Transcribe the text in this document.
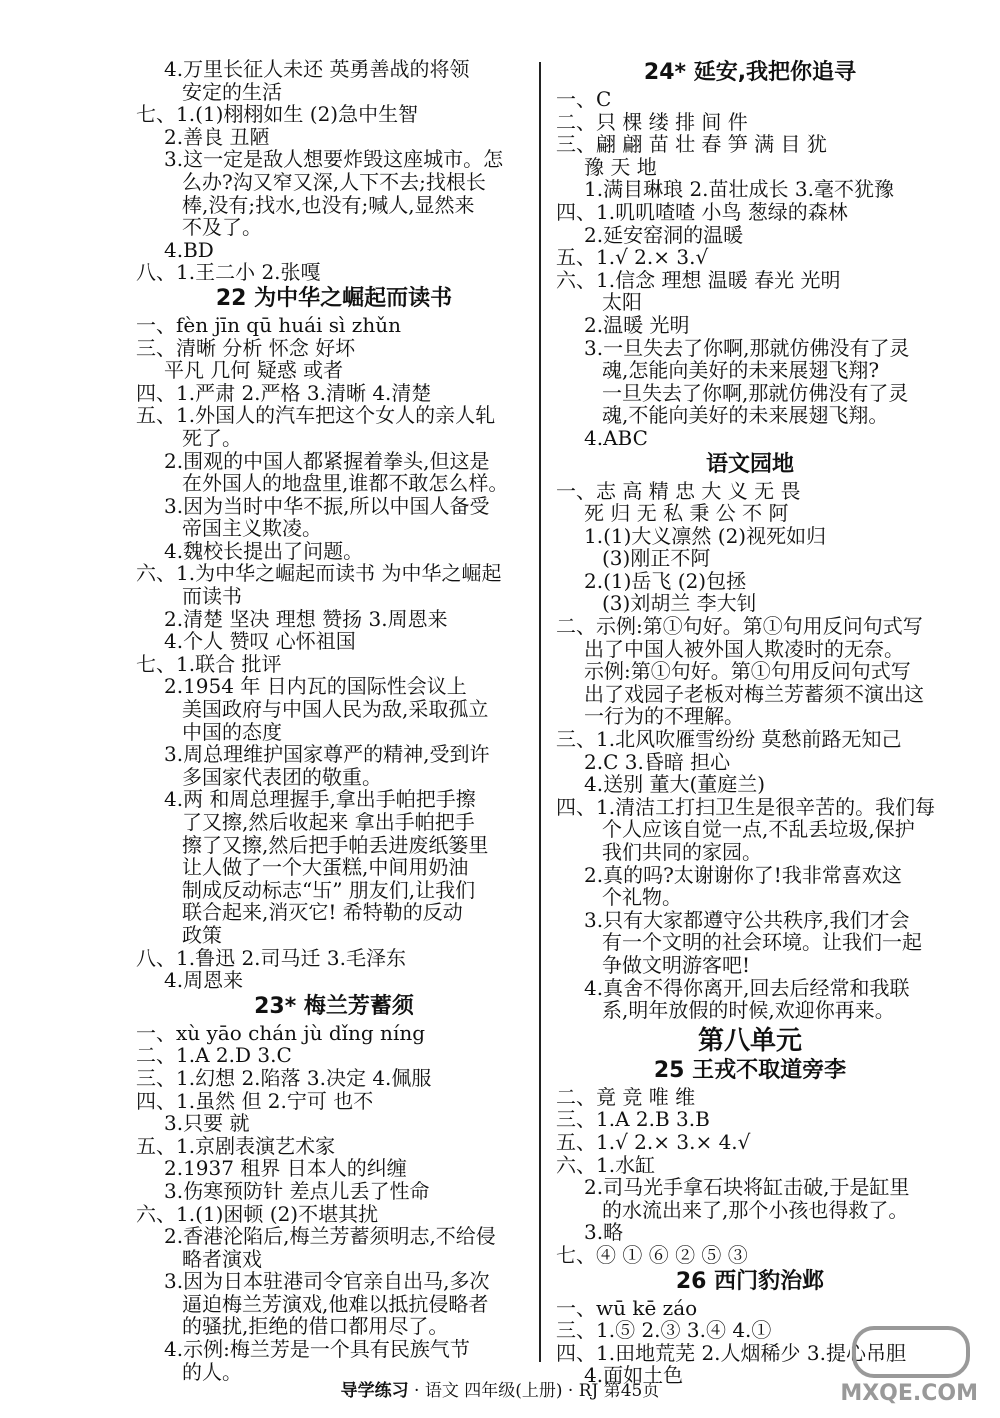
4.万里长征人未还 英勇善战的将领
安定的生活
七、1.(1)栩栩如生 (2)急中生智
2.善良 丑陋
3.这一定是敌人想要炸毁这座城市。怎
么办?沟又窄又深,人下不去;找根长
棒,没有;找水,也没有;喊人,显然来
不及了。
4.BD
八、1.王二小 2.张嘎
22 为中华之崛起而读书
一、fèn jīn qū huái sì zhǔn
三、清晰 分析 怀念 好坏
平凡 几何 疑惑 或者
四、1.严肃 2.严格 3.清晰 4.清楚
五、1.外国人的汽车把这个女人的亲人轧
死了。
2.围观的中国人都紧握着拳头,但这是
在外国人的地盘里,谁都不敢怎么样。
3.因为当时中华不振,所以中国人备受
帝国主义欺凌。
4.魏校长提出了问题。
六、1.为中华之崛起而读书 为中华之崛起
而读书
2.清楚 坚决 理想 赞扬 3.周恩来
4.个人 赞叹 心怀祖国
七、1.联合 批评
2.1954 年 日内瓦的国际性会议上
美国政府与中国人民为敌,采取孤立
中国的态度
3.周总理维护国家尊严的精神,受到许
多国家代表团的敬重。
4.两 和周总理握手,拿出手帕把手擦
了又擦,然后收起来 拿出手帕把手
擦了又擦,然后把手帕丢进废纸篓里
让人做了一个大蛋糕,中间用奶油
制成反动标志“卐” 朋友们,让我们
联合起来,消灭它! 希特勒的反动
政策
八、1.鲁迅 2.司马迁 3.毛泽东
4.周恩来
23* 梅兰芳蓄须
一、xù yāo chán jù dǐng níng
二、1.A 2.D 3.C
三、1.幻想 2.陷落 3.决定 4.佩服
四、1.虽然 但 2.宁可 也不
3.只要 就
五、1.京剧表演艺术家
2.1937 租界 日本人的纠缠
3.伤寒预防针 差点儿丢了性命
六、1.(1)困顿 (2)不堪其扰
2.香港沦陷后,梅兰芳蓄须明志,不给侵
略者演戏
3.因为日本驻港司令官亲自出马,多次
逼迫梅兰芳演戏,他难以抵抗侵略者
的骚扰,拒绝的借口都用尽了。
4.示例:梅兰芳是一个具有民族气节
的人。
24* 延安,我把你追寻
一、C
二、只 棵 缕 排 间 件
三、翩 翩 苗 壮 春 笋 满 目 犹
豫 天 地
1.满目琳琅 2.苗壮成长 3.毫不犹豫
四、1.叽叽喳喳 小鸟 葱绿的森林
2.延安窑洞的温暖
五、1.√ 2.× 3.√
六、1.信念 理想 温暖 春光 光明
太阳
2.温暖 光明
3.一旦失去了你啊,那就仿佛没有了灵
魂,怎能向美好的未来展翅飞翔?
一旦失去了你啊,那就仿佛没有了灵
魂,不能向美好的未来展翅飞翔。
4.ABC
语文园地
一、志 高 精 忠 大 义 无 畏
死 归 无 私 秉 公 不 阿
1.(1)大义凛然 (2)视死如归
(3)刚正不阿
2.(1)岳飞 (2)包拯
(3)刘胡兰 李大钊
二、示例:第①句好。第①句用反问句式写
出了中国人被外国人欺凌时的无奈。
示例:第①句好。第①句用反问句式写
出了戏园子老板对梅兰芳蓄须不演出这
一行为的不理解。
三、1.北风吹雁雪纷纷 莫愁前路无知己
2.C 3.昏暗 担心
4.送别 董大(董庭兰)
四、1.清洁工打扫卫生是很辛苦的。我们每
个人应该自觉一点,不乱丢垃圾,保护
我们共同的家园。
2.真的吗?太谢谢你了!我非常喜欢这
个礼物。
3.只有大家都遵守公共秩序,我们才会
有一个文明的社会环境。让我们一起
争做文明游客吧!
4.真舍不得你离开,回去后经常和我联
系,明年放假的时候,欢迎你再来。
第八单元
25 王戎不取道旁李
二、竟 竞 唯 维
三、1.A 2.B 3.B
五、1.√ 2.× 3.× 4.√
六、1.水缸
2.司马光手拿石块将缸击破,于是缸里
的水流出来了,那个小孩也得救了。
3.略
七、④ ① ⑥ ② ⑤ ③
26 西门豹治邺
一、wū kē záo
三、1.⑤ 2.③ 3.④ 4.①
四、1.田地荒芜 2.人烟稀少 3.提心吊胆
4.面如土色
导学练习 · 语文 四年级(上册) · RJ 第45页	MXQE.COM
